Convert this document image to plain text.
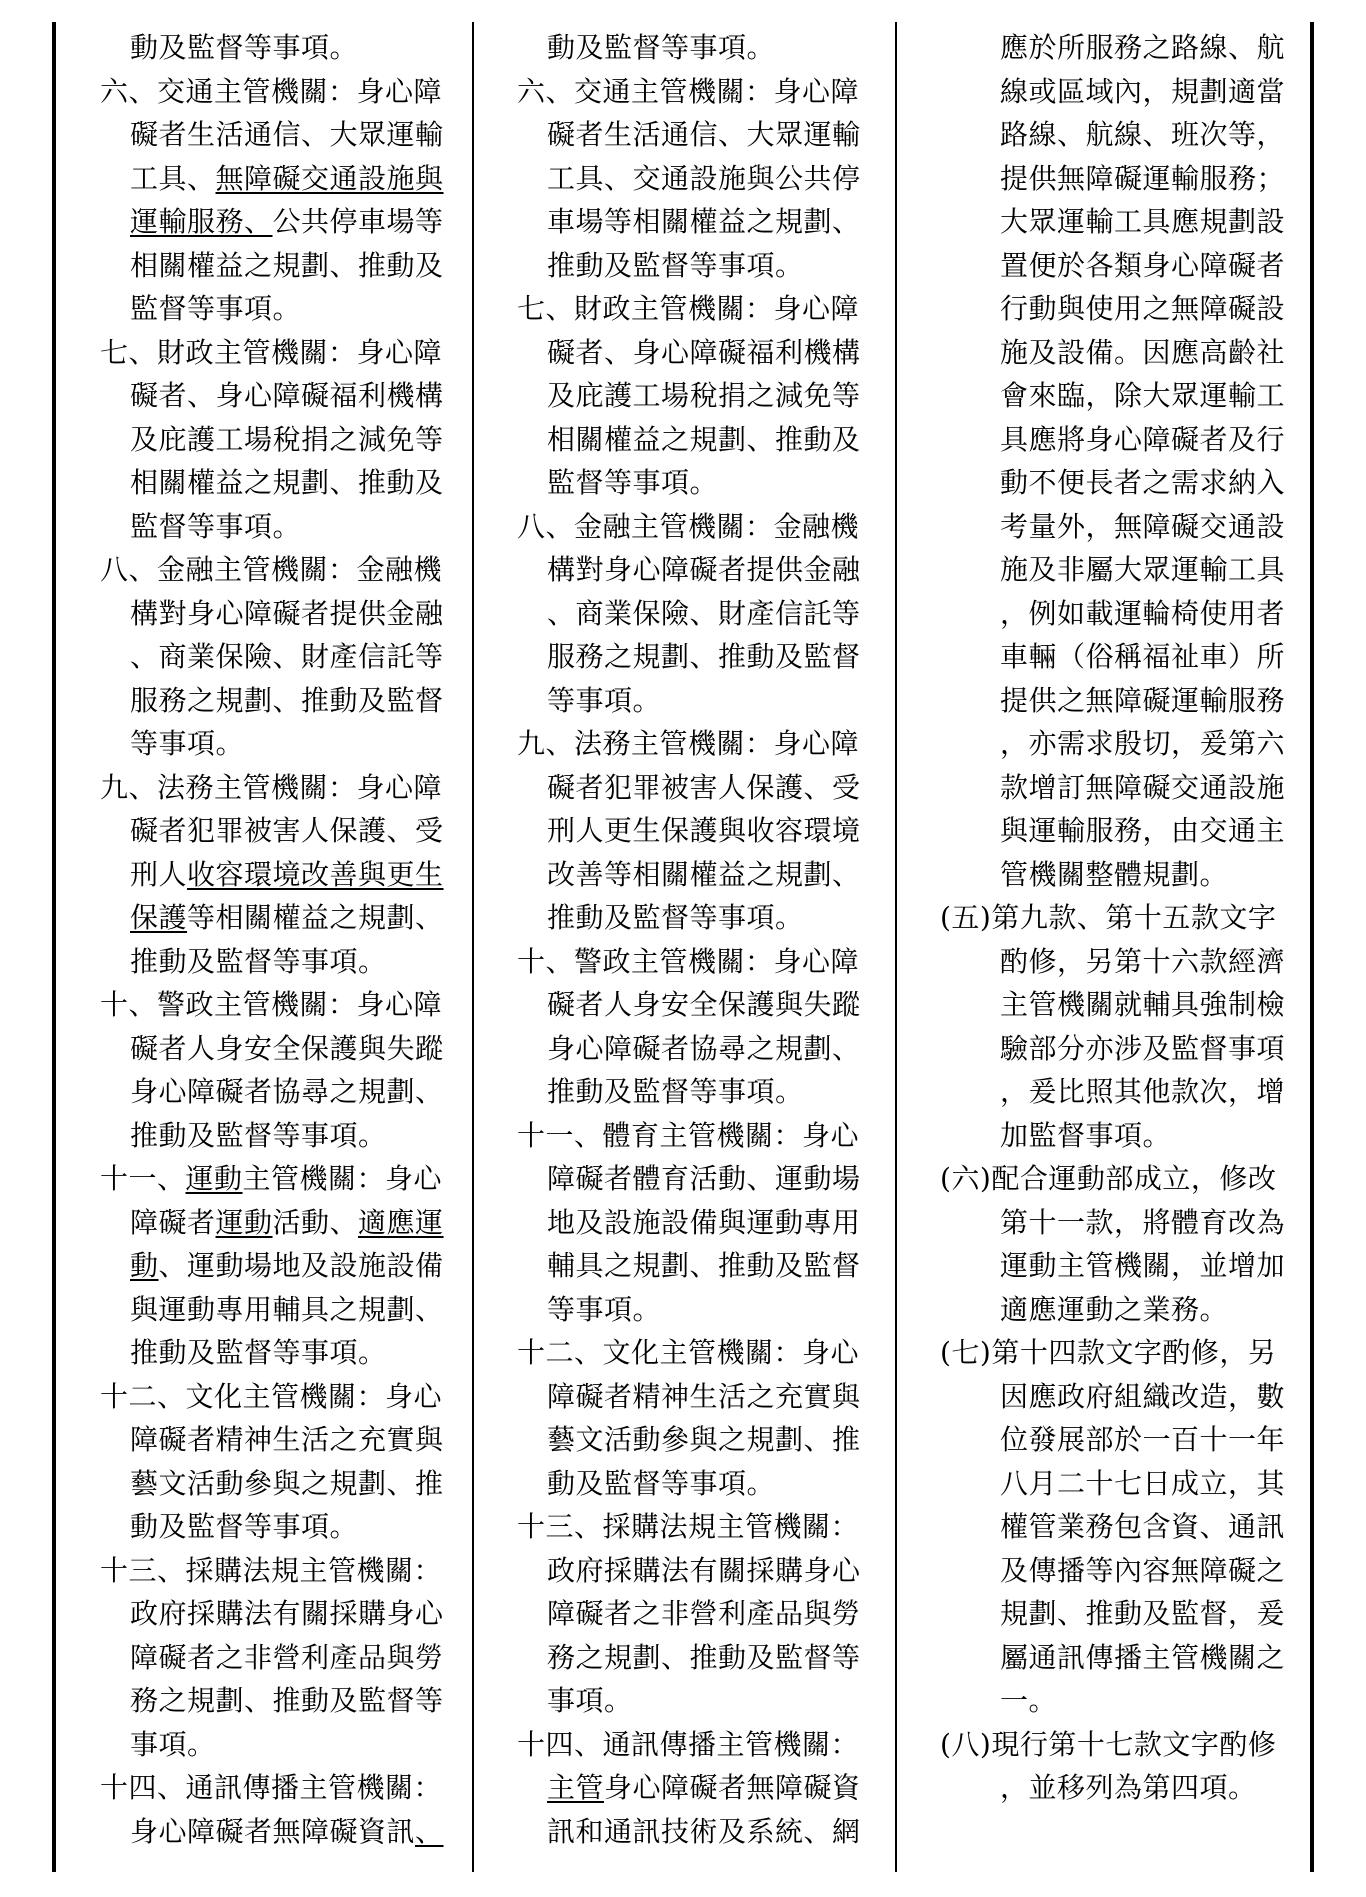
動及監督等事項。

六、交通主管機關：身心障

礙者生活通信、大眾運輸

工具、無障礙交通設施與

運輸服務、公共停車場等

相關權益之規劃、推動及

監督等事項。

七、財政主管機關：身心障

礙者、身心障礙福利機構

及庇護工場稅捐之減免等

相關權益之規劃、推動及

監督等事項。

八、金融主管機關：金融機

構對身心障礙者提供金融

、商業保險、財產信託等

服務之規劃、推動及監督

等事項。

九、法務主管機關：身心障

礙者犯罪被害人保護、受

刑人收容環境改善與更生

保護等相關權益之規劃、

推動及監督等事項。

十、警政主管機關：身心障

礙者人身安全保護與失蹤

身心障礙者協尋之規劃、

推動及監督等事項。

十一、運動主管機關：身心

障礙者運動活動、適應運

動、運動場地及設施設備

與運動專用輔具之規劃、

推動及監督等事項。

十二、文化主管機關：身心

障礙者精神生活之充實與

藝文活動參與之規劃、推

動及監督等事項。

十三、採購法規主管機關：

政府採購法有關採購身心

障礙者之非營利產品與勞

務之規劃、推動及監督等

事項。

十四、通訊傳播主管機關：

身心障礙者無障礙資訊、

動及監督等事項。

六、交通主管機關：身心障

礙者生活通信、大眾運輸

工具、交通設施與公共停

車場等相關權益之規劃、

推動及監督等事項。

七、財政主管機關：身心障

礙者、身心障礙福利機構

及庇護工場稅捐之減免等

相關權益之規劃、推動及

監督等事項。

八、金融主管機關：金融機

構對身心障礙者提供金融

、商業保險、財產信託等

服務之規劃、推動及監督

等事項。

九、法務主管機關：身心障

礙者犯罪被害人保護、受

刑人更生保護與收容環境

改善等相關權益之規劃、

推動及監督等事項。

十、警政主管機關：身心障

礙者人身安全保護與失蹤

身心障礙者協尋之規劃、

推動及監督等事項。

十一、體育主管機關：身心

障礙者體育活動、運動場

地及設施設備與運動專用

輔具之規劃、推動及監督

等事項。

十二、文化主管機關：身心

障礙者精神生活之充實與

藝文活動參與之規劃、推

動及監督等事項。

十三、採購法規主管機關：

政府採購法有關採購身心

障礙者之非營利產品與勞

務之規劃、推動及監督等

事項。

十四、通訊傳播主管機關：

主管身心障礙者無障礙資

訊和通訊技術及系統、網

應於所服務之路線、航

線或區域內，規劃適當

路線、航線、班次等，

提供無障礙運輸服務；

大眾運輸工具應規劃設

置便於各類身心障礙者

行動與使用之無障礙設

施及設備。因應高齡社

會來臨，除大眾運輸工

具應將身心障礙者及行

動不便長者之需求納入

考量外，無障礙交通設

施及非屬大眾運輸工具

，例如載運輪椅使用者

車輛（俗稱福祉車）所

提供之無障礙運輸服務

，亦需求殷切，爰第六

款增訂無障礙交通設施

與運輸服務，由交通主

管機關整體規劃。

(五)第九款、第十五款文字

酌修，另第十六款經濟

主管機關就輔具強制檢

驗部分亦涉及監督事項

，爰比照其他款次，增

加監督事項。

(六)配合運動部成立，修改

第十一款，將體育改為

運動主管機關，並增加

適應運動之業務。

(七)第十四款文字酌修，另

因應政府組織改造，數

位發展部於一百十一年

八月二十七日成立，其

權管業務包含資、通訊

及傳播等內容無障礙之

規劃、推動及監督，爰

屬通訊傳播主管機關之

一。

(八)現行第十七款文字酌修

，並移列為第四項。
